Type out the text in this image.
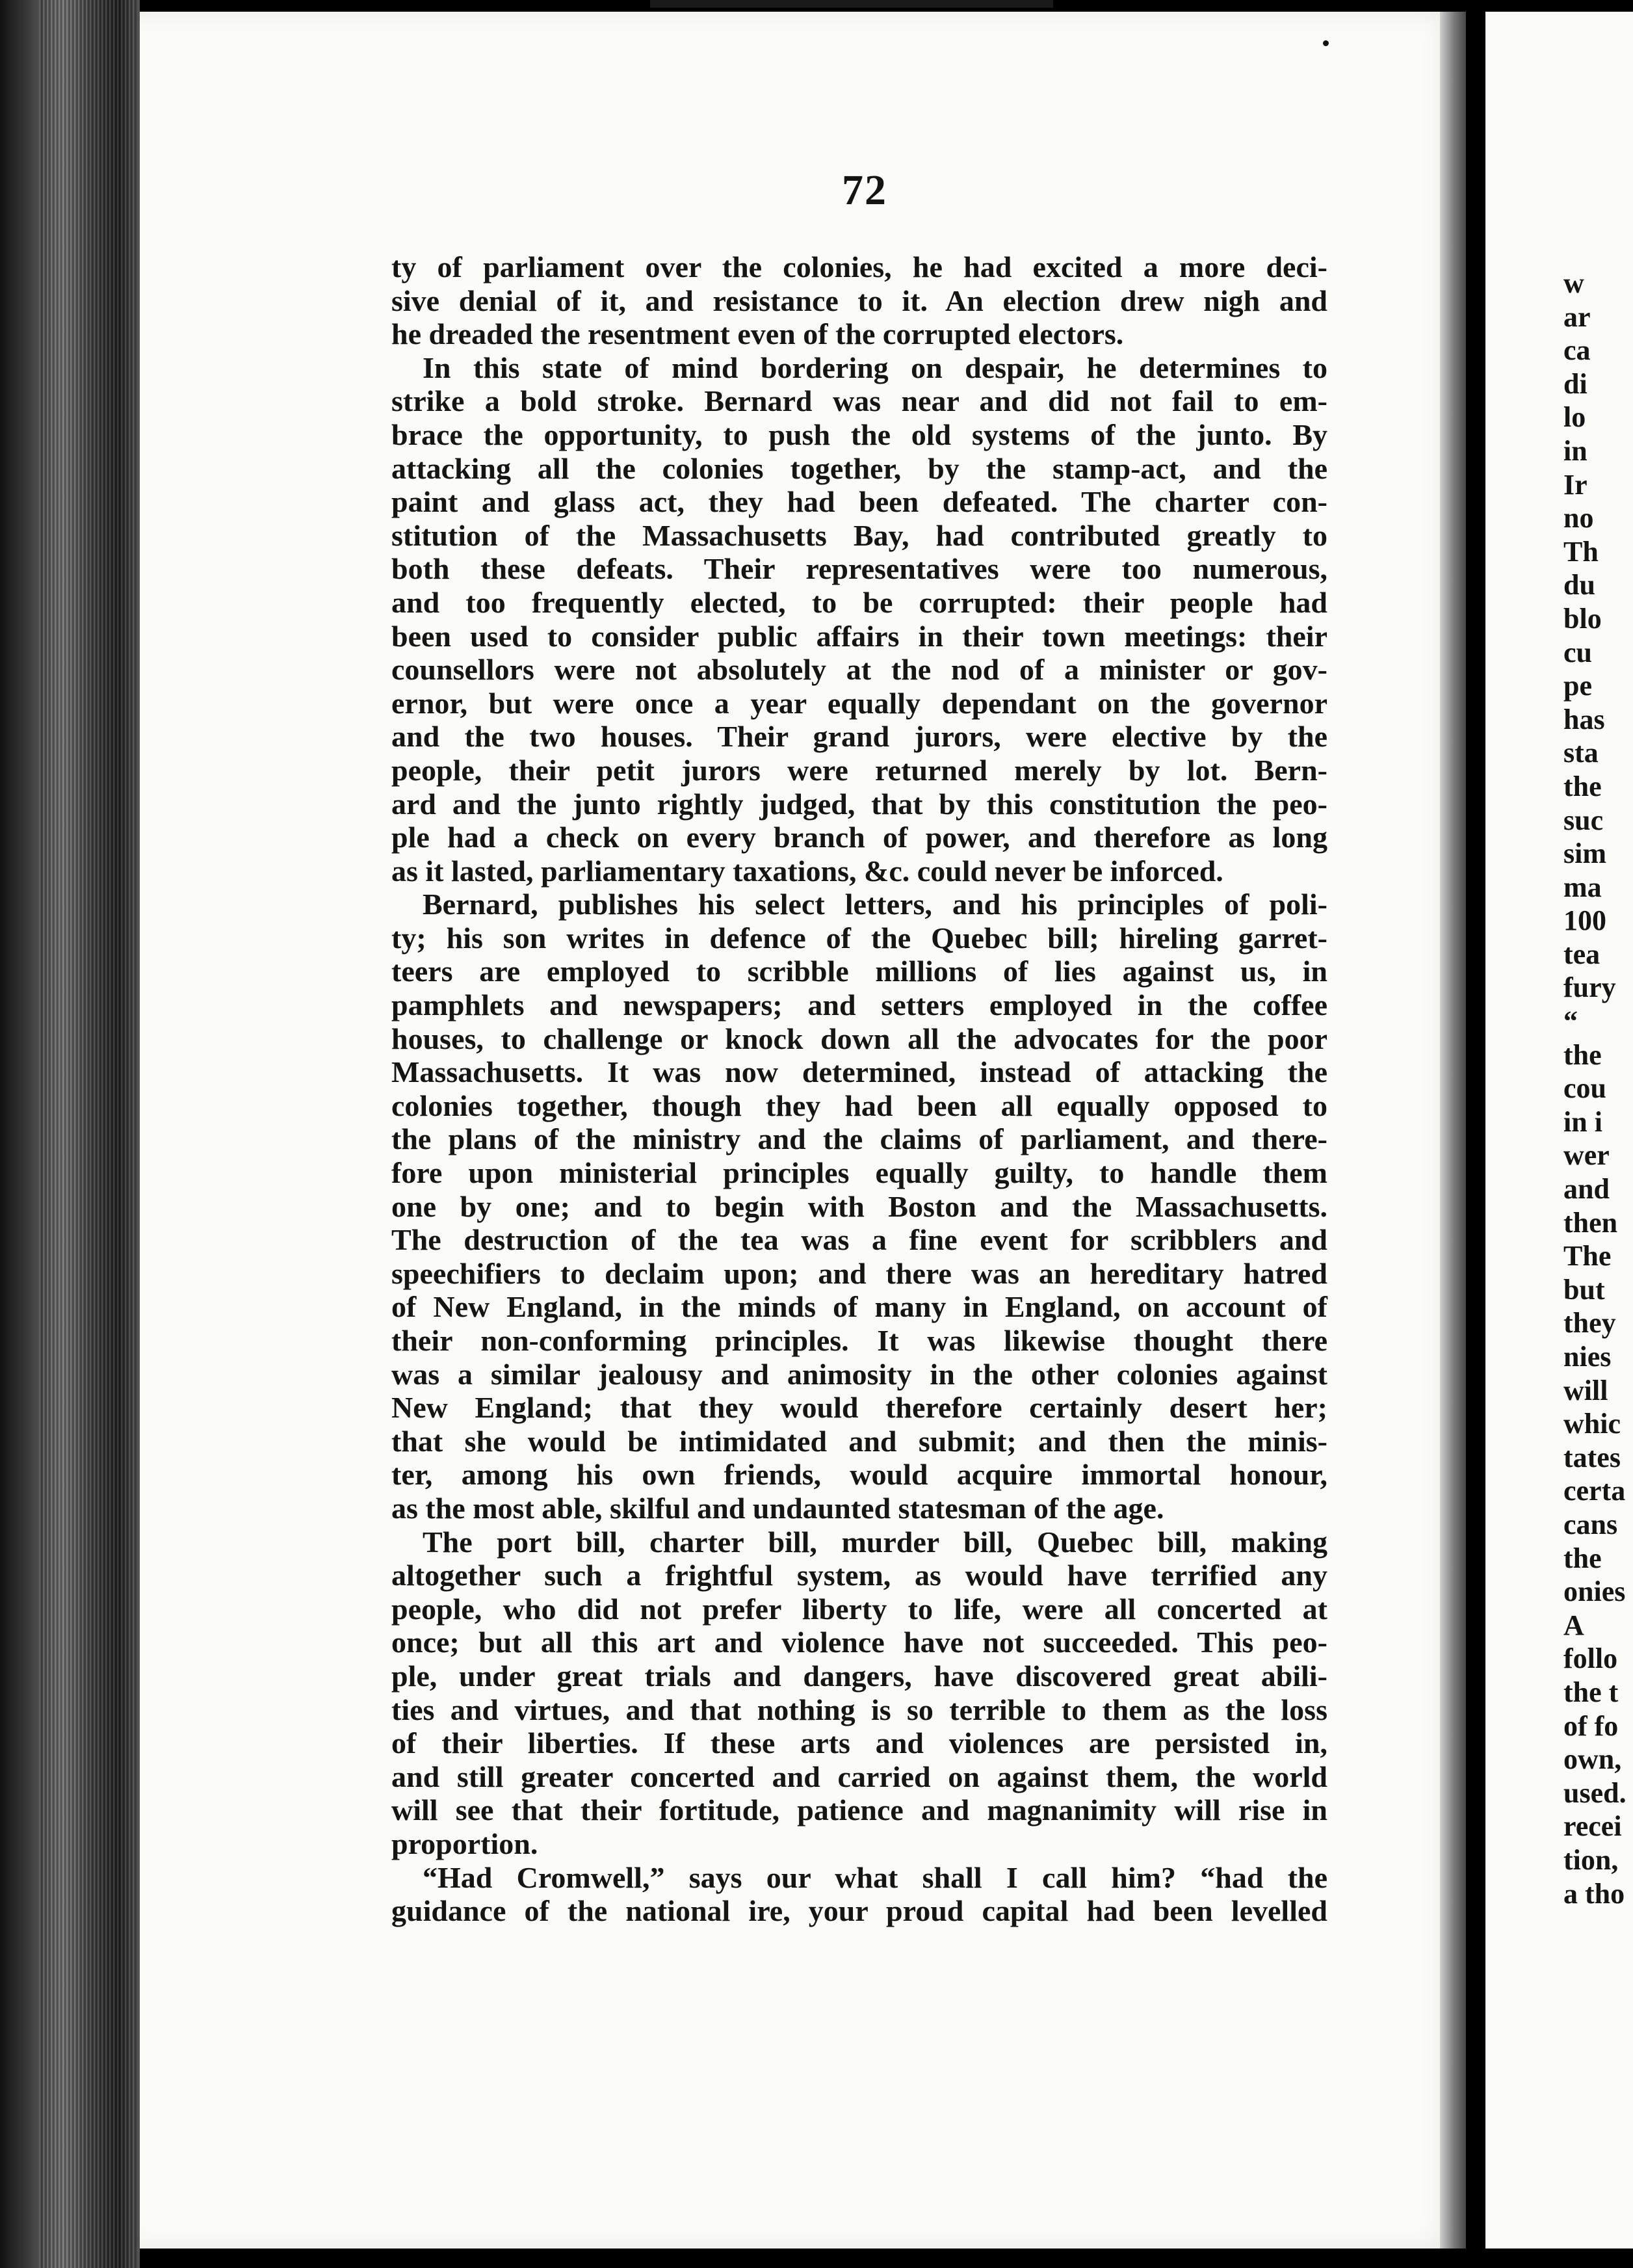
72
ty of parliament over the colonies, he had excited a more deci-
sive denial of it, and resistance to it. An election drew nigh and
he dreaded the resentment even of the corrupted electors.
In this state of mind bordering on despair, he determines to
strike a bold stroke. Bernard was near and did not fail to em-
brace the opportunity, to push the old systems of the junto. By
attacking all the colonies together, by the stamp-act, and the
paint and glass act, they had been defeated. The charter con-
stitution of the Massachusetts Bay, had contributed greatly to
both these defeats. Their representatives were too numerous,
and too frequently elected, to be corrupted: their people had
been used to consider public affairs in their town meetings: their
counsellors were not absolutely at the nod of a minister or gov-
ernor, but were once a year equally dependant on the governor
and the two houses. Their grand jurors, were elective by the
people, their petit jurors were returned merely by lot. Bern-
ard and the junto rightly judged, that by this constitution the peo-
ple had a check on every branch of power, and therefore as long
as it lasted, parliamentary taxations, &c. could never be inforced.
Bernard, publishes his select letters, and his principles of poli-
ty; his son writes in defence of the Quebec bill; hireling garret-
teers are employed to scribble millions of lies against us, in
pamphlets and newspapers; and setters employed in the coffee
houses, to challenge or knock down all the advocates for the poor
Massachusetts. It was now determined, instead of attacking the
colonies together, though they had been all equally opposed to
the plans of the ministry and the claims of parliament, and there-
fore upon ministerial principles equally guilty, to handle them
one by one; and to begin with Boston and the Massachusetts.
The destruction of the tea was a fine event for scribblers and
speechifiers to declaim upon; and there was an hereditary hatred
of New England, in the minds of many in England, on account of
their non-conforming principles. It was likewise thought there
was a similar jealousy and animosity in the other colonies against
New England; that they would therefore certainly desert her;
that she would be intimidated and submit; and then the minis-
ter, among his own friends, would acquire immortal honour,
as the most able, skilful and undaunted statesman of the age.
The port bill, charter bill, murder bill, Quebec bill, making
altogether such a frightful system, as would have terrified any
people, who did not prefer liberty to life, were all concerted at
once; but all this art and violence have not succeeded. This peo-
ple, under great trials and dangers, have discovered great abili-
ties and virtues, and that nothing is so terrible to them as the loss
of their liberties. If these arts and violences are persisted in,
and still greater concerted and carried on against them, the world
will see that their fortitude, patience and magnanimity will rise in
proportion.
“Had Cromwell,” says our what shall I call him? “had the
guidance of the national ire, your proud capital had been levelled
w
ar
ca
di
lo
in
Ir
no
Th
du
blo
cu
pe
has
sta
the
suc
sim
ma
100
tea
fury
“
the
cou
in i
wer
and
then
The
but
they
nies
will
whic
tates
certa
cans
the
onies
A
follo
the t
of fo
own,
used.
recei
tion,
a tho
